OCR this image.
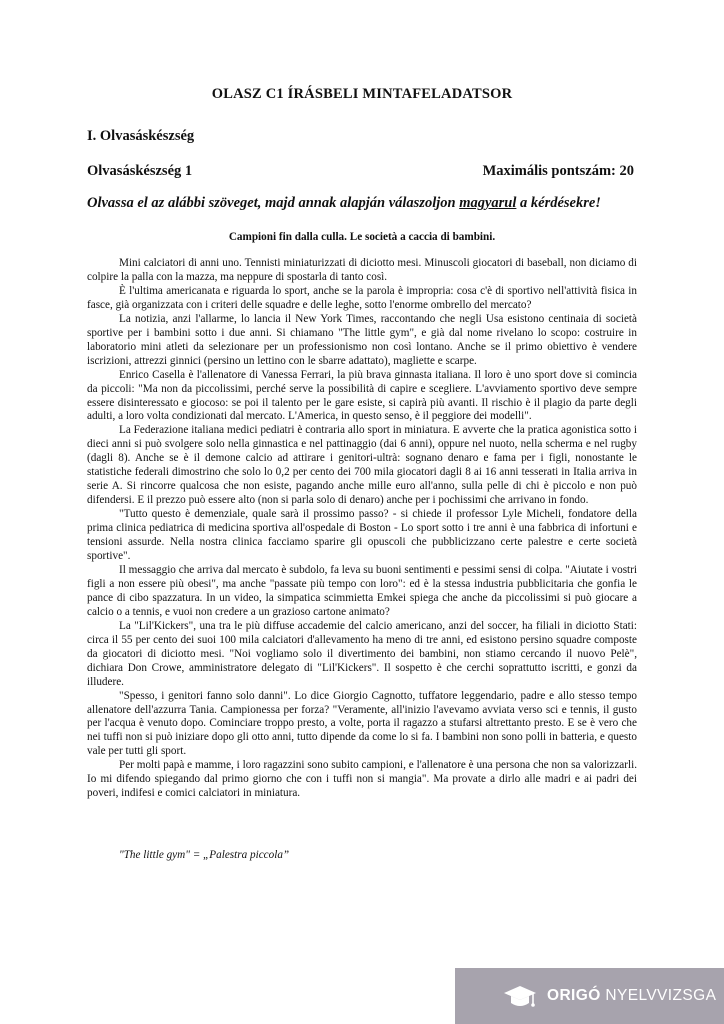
OLASZ C1 ÍRÁSBELI MINTAFELADATSOR
I. Olvasáskészség
Olvasáskészség 1	Maximális pontszám: 20
Olvassa el az alábbi szöveget, majd annak alapján válaszoljon magyarul a kérdésekre!
Campioni fin dalla culla. Le società a caccia di bambini.

Mini calciatori di anni uno. Tennisti miniaturizzati di diciotto mesi. Minuscoli giocatori di baseball, non diciamo di colpire la palla con la mazza, ma neppure di spostarla di tanto così.

È l'ultima americanata e riguarda lo sport, anche se la parola è impropria: cosa c'è di sportivo nell'attività fisica in fasce, già organizzata con i criteri delle squadre e delle leghe, sotto l'enorme ombrello del mercato?

La notizia, anzi l'allarme, lo lancia il New York Times, raccontando che negli Usa esistono centinaia di società sportive per i bambini sotto i due anni. Si chiamano "The little gym", e già dal nome rivelano lo scopo: costruire in laboratorio mini atleti da selezionare per un professionismo non così lontano. Anche se il primo obiettivo è vendere iscrizioni, attrezzi ginnici (persino un lettino con le sbarre adattato), magliette e scarpe.

Enrico Casella è l'allenatore di Vanessa Ferrari, la più brava ginnasta italiana. Il loro è uno sport dove si comincia da piccoli: "Ma non da piccolissimi, perché serve la possibilità di capire e scegliere. L'avviamento sportivo deve sempre essere disinteressato e giocoso: se poi il talento per le gare esiste, si capirà più avanti. Il rischio è il plagio da parte degli adulti, a loro volta condizionati dal mercato. L'America, in questo senso, è il peggiore dei modelli".

La Federazione italiana medici pediatri è contraria allo sport in miniatura. E avverte che la pratica agonistica sotto i dieci anni si può svolgere solo nella ginnastica e nel pattinaggio (dai 6 anni), oppure nel nuoto, nella scherma e nel rugby (dagli 8). Anche se è il demone calcio ad attirare i genitori-ultrà: sognano denaro e fama per i figli, nonostante le statistiche federali dimostrino che solo lo 0,2 per cento dei 700 mila giocatori dagli 8 ai 16 anni tesserati in Italia arriva in serie A. Si rincorre qualcosa che non esiste, pagando anche mille euro all'anno, sulla pelle di chi è piccolo e non può difendersi. E il prezzo può essere alto (non si parla solo di denaro) anche per i pochissimi che arrivano in fondo.

"Tutto questo è demenziale, quale sarà il prossimo passo? - si chiede il professor Lyle Micheli, fondatore della prima clinica pediatrica di medicina sportiva all'ospedale di Boston - Lo sport sotto i tre anni è una fabbrica di infortuni e tensioni assurde. Nella nostra clinica facciamo sparire gli opuscoli che pubblicizzano certe palestre e certe società sportive".

Il messaggio che arriva dal mercato è subdolo, fa leva su buoni sentimenti e pessimi sensi di colpa. "Aiutate i vostri figli a non essere più obesi", ma anche "passate più tempo con loro": ed è la stessa industria pubblicitaria che gonfia le pance di cibo spazzatura. In un video, la simpatica scimmietta Emkei spiega che anche da piccolissimi si può giocare a calcio o a tennis, e vuoi non credere a un grazioso cartone animato?

La "Lil'Kickers", una tra le più diffuse accademie del calcio americano, anzi del soccer, ha filiali in diciotto Stati: circa il 55 per cento dei suoi 100 mila calciatori d'allevamento ha meno di tre anni, ed esistono persino squadre composte da giocatori di diciotto mesi. "Noi vogliamo solo il divertimento dei bambini, non stiamo cercando il nuovo Pelè", dichiara Don Crowe, amministratore delegato di "Lil'Kickers". Il sospetto è che cerchi soprattutto iscritti, e gonzi da illudere.

"Spesso, i genitori fanno solo danni". Lo dice Giorgio Cagnotto, tuffatore leggendario, padre e allo stesso tempo allenatore dell'azzurra Tania. Campionessa per forza? "Veramente, all'inizio l'avevamo avviata verso sci e tennis, il gusto per l'acqua è venuto dopo. Cominciare troppo presto, a volte, porta il ragazzo a stufarsi altrettanto presto. E se è vero che nei tuffi non si può iniziare dopo gli otto anni, tutto dipende da come lo si fa. I bambini non sono polli in batteria, e questo vale per tutti gli sport.

Per molti papà e mamme, i loro ragazzini sono subito campioni, e l'allenatore è una persona che non sa valorizzarli. Io mi difendo spiegando dal primo giorno che con i tuffi non si mangia". Ma provate a dirlo alle madri e ai padri dei poveri, indifesi e comici calciatori in miniatura.

"The little gym" = „Palestra piccola”
ORIGÓ NYELVVIZSGA
